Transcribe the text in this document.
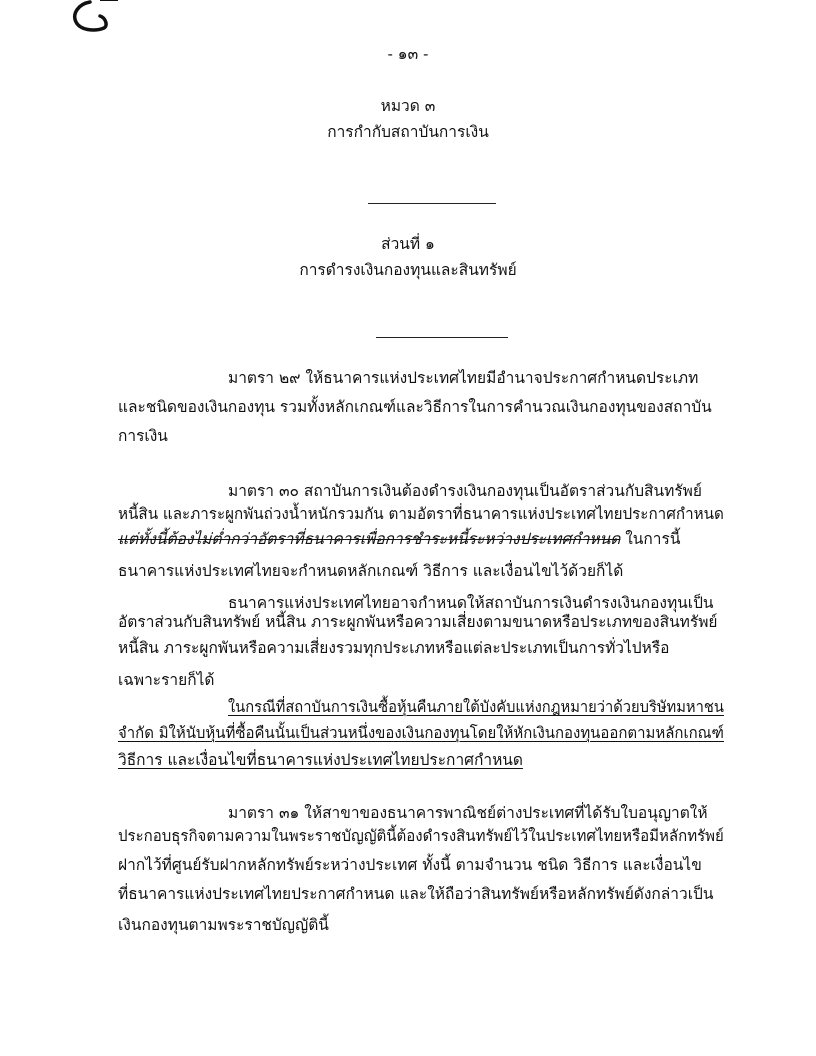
- ๑๓ -
หมวด ๓
การกำกับสถาบันการเงิน
ส่วนที่ ๑
การดำรงเงินกองทุนและสินทรัพย์
มาตรา ๒๙ ให้ธนาคารแห่งประเทศไทยมีอำนาจประกาศกำหนดประเภท
และชนิดของเงินกองทุน รวมทั้งหลักเกณฑ์และวิธีการในการคำนวณเงินกองทุนของสถาบัน
การเงิน
มาตรา ๓๐ สถาบันการเงินต้องดำรงเงินกองทุนเป็นอัตราส่วนกับสินทรัพย์
หนี้สิน และภาระผูกพันถ่วงน้ำหนักรวมกัน ตามอัตราที่ธนาคารแห่งประเทศไทยประกาศกำหนด
แต่ทั้งนี้ต้องไม่ต่ำกว่าอัตราที่ธนาคารเพื่อการชำระหนี้ระหว่างประเทศกำหนด ในการนี้
ธนาคารแห่งประเทศไทยจะกำหนดหลักเกณฑ์ วิธีการ และเงื่อนไขไว้ด้วยก็ได้
ธนาคารแห่งประเทศไทยอาจกำหนดให้สถาบันการเงินดำรงเงินกองทุนเป็น
อัตราส่วนกับสินทรัพย์ หนี้สิน ภาระผูกพันหรือความเสี่ยงตามขนาดหรือประเภทของสินทรัพย์
หนี้สิน ภาระผูกพันหรือความเสี่ยงรวมทุกประเภทหรือแต่ละประเภทเป็นการทั่วไปหรือ
เฉพาะรายก็ได้
ในกรณีที่สถาบันการเงินซื้อหุ้นคืนภายใต้บังคับแห่งกฎหมายว่าด้วยบริษัทมหาชน
จำกัด มิให้นับหุ้นที่ซื้อคืนนั้นเป็นส่วนหนึ่งของเงินกองทุนโดยให้หักเงินกองทุนออกตามหลักเกณฑ์
วิธีการ และเงื่อนไขที่ธนาคารแห่งประเทศไทยประกาศกำหนด
มาตรา ๓๑ ให้สาขาของธนาคารพาณิชย์ต่างประเทศที่ได้รับใบอนุญาตให้
ประกอบธุรกิจตามความในพระราชบัญญัตินี้ต้องดำรงสินทรัพย์ไว้ในประเทศไทยหรือมีหลักทรัพย์
ฝากไว้ที่ศูนย์รับฝากหลักทรัพย์ระหว่างประเทศ ทั้งนี้ ตามจำนวน ชนิด วิธีการ และเงื่อนไข
ที่ธนาคารแห่งประเทศไทยประกาศกำหนด และให้ถือว่าสินทรัพย์หรือหลักทรัพย์ดังกล่าวเป็น
เงินกองทุนตามพระราชบัญญัตินี้
